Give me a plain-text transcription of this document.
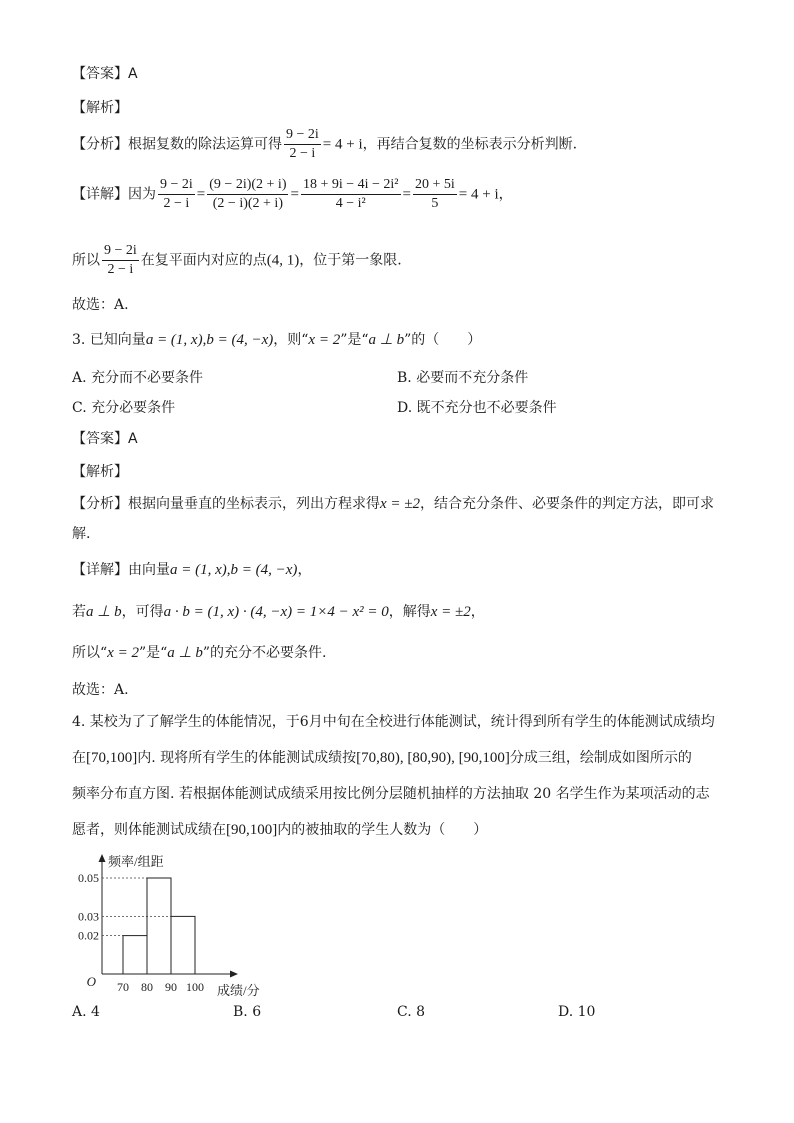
【答案】A
【解析】
【分析】根据复数的除法运算可得 $\frac{9 - 2i}{2 - i} = 4 + i$，再结合复数的坐标表示分析判断.
【详解】因为 $\frac{9 - 2i}{2 - i} = \frac{(9 - 2i)(2 + i)}{(2 - i)(2 + i)} = \frac{\text{18 + 9i − 4i − 2i²}}{\text{4 − i²}} = \frac{20 + 5i}{5} = 4 + i$，
所以 $\frac{9 - 2i}{2 - i}$ 在复平面内对应的点(4, 1)，位于第一象限.
故选：A.
3. 已知向量a = (1, x),b = (4, −x)，则“x = 2”是“a ⊥ b”的（　　）
A. 充分而不必要条件	B. 必要而不充分条件
C. 充分必要条件	D. 既不充分也不必要条件
【答案】A
【解析】
【分析】根据向量垂直的坐标表示，列出方程求得x = ±2，结合充分条件、必要条件的判定方法，即可求
解.
【详解】由向量a = (1, x),b = (4, −x)，
若a ⊥ b，可得a · b = (1, x) · (4, −x) = 1×4 − x² = 0，解得x = ±2，
所以“x = 2”是“a ⊥ b”的充分不必要条件.
故选：A.
4. 某校为了了解学生的体能情况，于6月中旬在全校进行体能测试，统计得到所有学生的体能测试成绩均
在[70,100]内. 现将所有学生的体能测试成绩按[70,80), [80,90), [90,100]分成三组，绘制成如图所示的
频率分布直方图. 若根据体能测试成绩采用按比例分层随机抽样的方法抽取 20 名学生作为某项活动的志
愿者，则体能测试成绩在[90,100]内的被抽取的学生人数为（　　）
0.02
0.03
0.05
70 80 90 100
O
成绩/分
频率/组距
A. 4	B. 6	C. 8	D. 10
